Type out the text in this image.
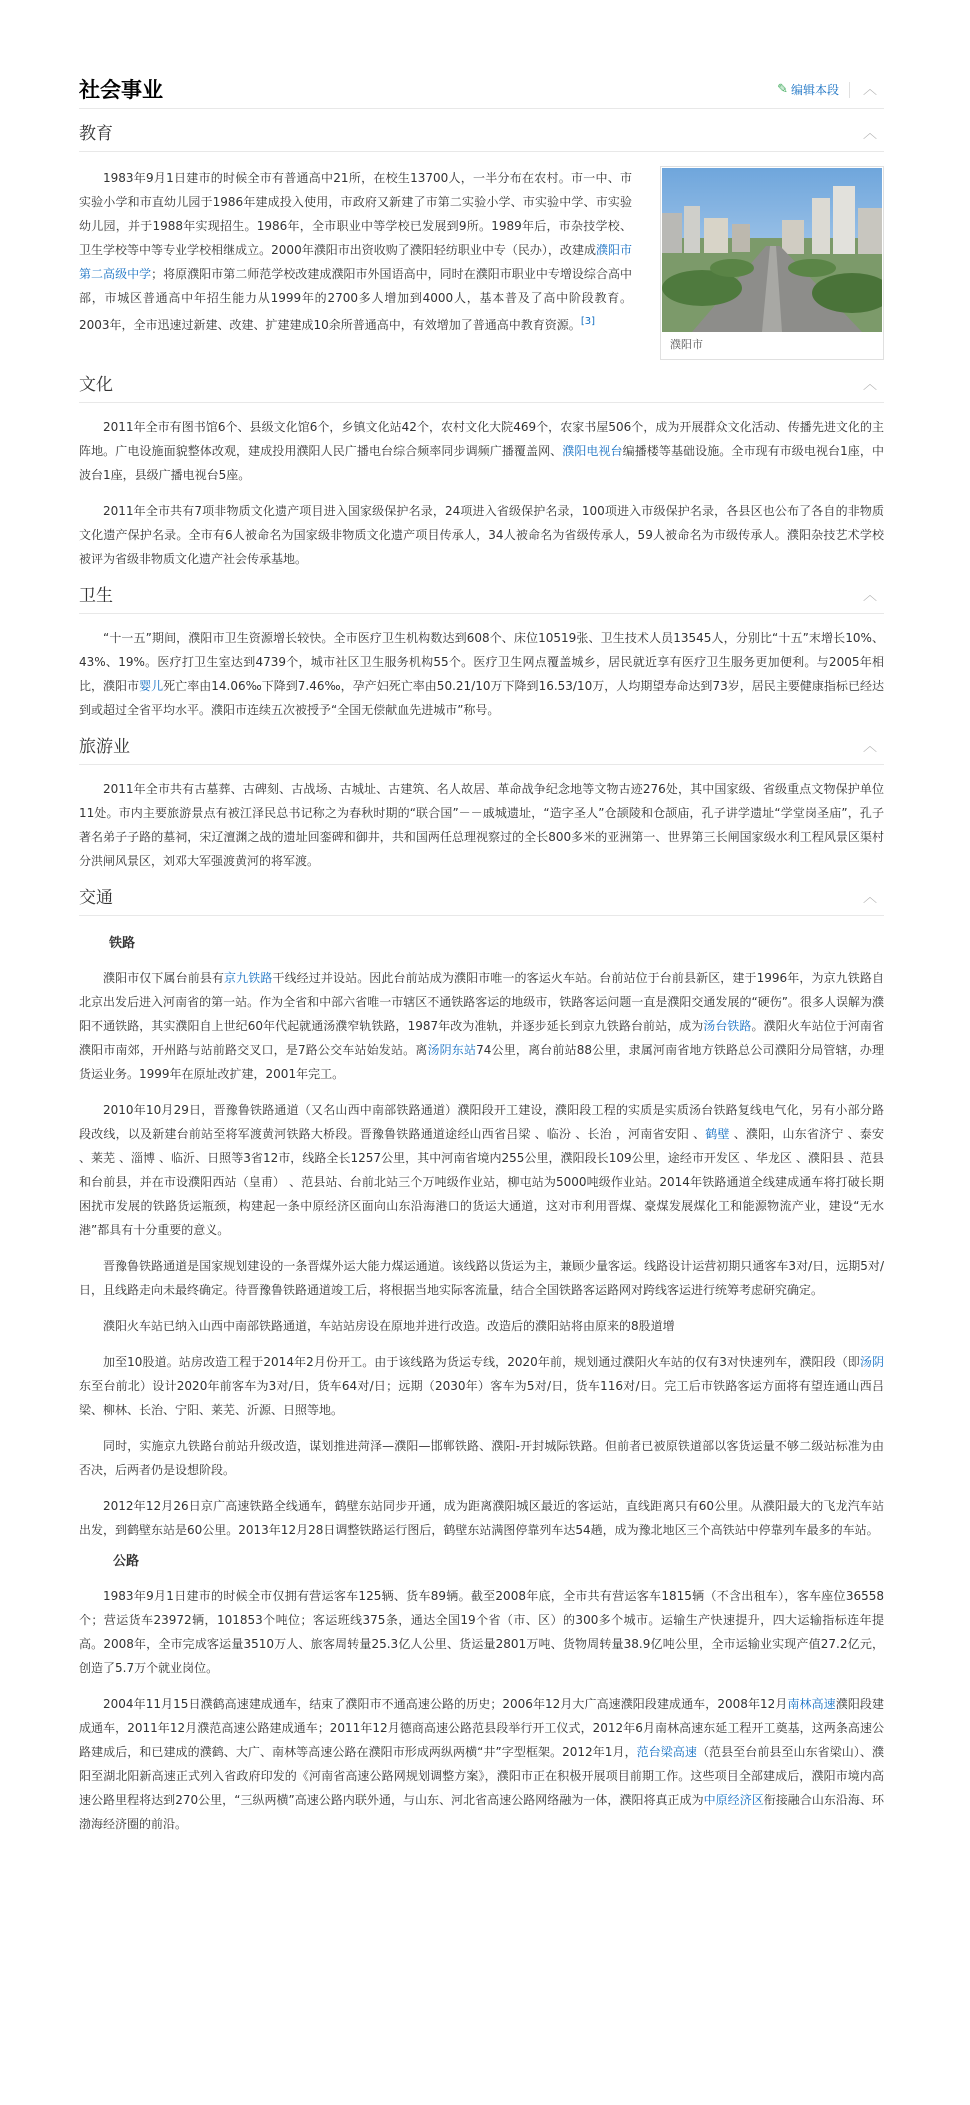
社会事业	✎ 编辑本段 ︿
教育	︿

1983年9月1日建市的时候全市有普通高中21所，在校生13700人，一半分布在农村。市一中、市实验小学和市直幼儿园于1986年建成投入使用，市政府又新建了市第二实验小学、市实验中学、市实验幼儿园，并于1988年实现招生。1986年，全市职业中等学校已发展到9所。1989年后，市杂技学校、卫生学校等中等专业学校相继成立。2000年濮阳市出资收购了濮阳轻纺职业中专（民办），改建成濮阳市第二高级中学；将原濮阳市第二师范学校改建成濮阳市外国语高中，同时在濮阳市职业中专增设综合高中部，市城区普通高中年招生能力从1999年的2700多人增加到4000人，基本普及了高中阶段教育。2003年，全市迅速过新建、改建、扩建建成10余所普通高中，有效增加了普通高中教育资源。[3]

濮阳市
文化	︿

2011年全市有图书馆6个、县级文化馆6个，乡镇文化站42个，农村文化大院469个，农家书屋506个，成为开展群众文化活动、传播先进文化的主阵地。广电设施面貌整体改观，建成投用濮阳人民广播电台综合频率同步调频广播覆盖网、濮阳电视台编播楼等基础设施。全市现有市级电视台1座，中波台1座，县级广播电视台5座。

2011年全市共有7项非物质文化遗产项目进入国家级保护名录，24项进入省级保护名录，100项进入市级保护名录，各县区也公布了各自的非物质文化遗产保护名录。全市有6人被命名为国家级非物质文化遗产项目传承人，34人被命名为省级传承人，59人被命名为市级传承人。濮阳杂技艺术学校被评为省级非物质文化遗产社会传承基地。

卫生	︿

“十一五”期间，濮阳市卫生资源增长较快。全市医疗卫生机构数达到608个、床位10519张、卫生技术人员13545人，分别比“十五”末增长10%、43%、19%。医疗打卫生室达到4739个，城市社区卫生服务机构55个。医疗卫生网点覆盖城乡，居民就近享有医疗卫生服务更加便利。与2005年相比，濮阳市婴儿死亡率由14.06‰下降到7.46‰，孕产妇死亡率由50.21/10万下降到16.53/10万，人均期望寿命达到73岁，居民主要健康指标已经达到或超过全省平均水平。濮阳市连续五次被授予“全国无偿献血先进城市”称号。

旅游业	︿

2011年全市共有古墓葬、古碑刻、古战场、古城址、古建筑、名人故居、革命战争纪念地等文物古迹276处，其中国家级、省级重点文物保护单位11处。市内主要旅游景点有被江泽民总书记称之为春秋时期的“联合国”－－戚城遗址，“造字圣人”仓颉陵和仓颉庙，孔子讲学遗址“学堂岗圣庙”，孔子著名弟子子路的墓祠，宋辽澶渊之战的遗址回銮碑和御井，共和国两任总理视察过的全长800多米的亚洲第一、世界第三长闸国家级水利工程风景区渠村分洪闸风景区，刘邓大军强渡黄河的将军渡。

交通	︿
铁路

濮阳市仅下属台前县有京九铁路干线经过并设站。因此台前站成为濮阳市唯一的客运火车站。台前站位于台前县新区，建于1996年，为京九铁路自北京出发后进入河南省的第一站。作为全省和中部六省唯一市辖区不通铁路客运的地级市，铁路客运问题一直是濮阳交通发展的“硬伤”。很多人误解为濮阳不通铁路，其实濮阳自上世纪60年代起就通汤濮窄轨铁路，1987年改为准轨，并逐步延长到京九铁路台前站，成为汤台铁路。濮阳火车站位于河南省濮阳市南郊，开州路与站前路交叉口，是7路公交车站始发站。离汤阴东站74公里，离台前站88公里，隶属河南省地方铁路总公司濮阳分局管辖，办理货运业务。1999年在原址改扩建，2001年完工。

2010年10月29日，晋豫鲁铁路通道（又名山西中南部铁路通道）濮阳段开工建设，濮阳段工程的实质是实质汤台铁路复线电气化，另有小部分路段改线，以及新建台前站至将军渡黄河铁路大桥段。晋豫鲁铁路通道途经山西省吕梁 、临汾 、长治 ，河南省安阳 、鹤壁 、濮阳，山东省济宁 、泰安 、莱芜 、淄博 、临沂、日照等3省12市，线路全长1257公里，其中河南省境内255公里，濮阳段长109公里，途经市开发区 、华龙区 、濮阳县 、范县和台前县，并在市设濮阳西站（皇甫） 、范县站、台前北站三个万吨级作业站，柳屯站为5000吨级作业站。2014年铁路通道全线建成通车将打破长期困扰市发展的铁路货运瓶颈，构建起一条中原经济区面向山东沿海港口的货运大通道，这对市利用晋煤、豪煤发展煤化工和能源物流产业，建设“无水港”都具有十分重要的意义。

晋豫鲁铁路通道是国家规划建设的一条晋煤外运大能力煤运通道。该线路以货运为主，兼顾少量客运。线路设计运营初期只通客车3对/日，远期5对/日，且线路走向未最终确定。待晋豫鲁铁路通道竣工后，将根据当地实际客流量，结合全国铁路客运路网对跨线客运进行统筹考虑研究确定。

濮阳火车站已纳入山西中南部铁路通道，车站站房设在原地并进行改造。改造后的濮阳站将由原来的8股道增

加至10股道。站房改造工程于2014年2月份开工。由于该线路为货运专线，2020年前，规划通过濮阳火车站的仅有3对快速列车，濮阳段（即汤阴东至台前北）设计2020年前客车为3对/日，货车64对/日；远期（2030年）客车为5对/日，货车116对/日。完工后市铁路客运方面将有望连通山西吕梁、柳林、长治、宁阳、莱芜、沂源、日照等地。

同时，实施京九铁路台前站升级改造，谋划推进菏泽—濮阳—邯郸铁路、濮阳-开封城际铁路。但前者已被原铁道部以客货运量不够二级站标准为由否决，后两者仍是设想阶段。

2012年12月26日京广高速铁路全线通车，鹤壁东站同步开通，成为距离濮阳城区最近的客运站，直线距离只有60公里。从濮阳最大的飞龙汽车站出发，到鹤壁东站是60公里。2013年12月28日调整铁路运行图后，鹤壁东站满图停靠列车达54趟，成为豫北地区三个高铁站中停靠列车最多的车站。

公路

1983年9月1日建市的时候全市仅拥有营运客车125辆、货车89辆。截至2008年底，全市共有营运客车1815辆（不含出租车），客车座位36558个；营运货车23972辆，101853个吨位；客运班线375条，通达全国19个省（市、区）的300多个城市。运输生产快速提升，四大运输指标连年提高。2008年，全市完成客运量3510万人、旅客周转量25.3亿人公里、货运量2801万吨、货物周转量38.9亿吨公里，全市运输业实现产值27.2亿元，创造了5.7万个就业岗位。

2004年11月15日濮鹤高速建成通车，结束了濮阳市不通高速公路的历史；2006年12月大广高速濮阳段建成通车，2008年12月南林高速濮阳段建成通车，2011年12月濮范高速公路建成通车；2011年12月德商高速公路范县段举行开工仪式，2012年6月南林高速东延工程开工奠基，这两条高速公路建成后，和已建成的濮鹤、大广、南林等高速公路在濮阳市形成两纵两横“井”字型框架。2012年1月，范台梁高速（范县至台前县至山东省梁山）、濮阳至湖北阳新高速正式列入省政府印发的《河南省高速公路网规划调整方案》，濮阳市正在积极开展项目前期工作。这些项目全部建成后，濮阳市境内高速公路里程将达到270公里，“三纵两横”高速公路内联外通，与山东、河北省高速公路网络融为一体，濮阳将真正成为中原经济区衔接融合山东沿海、环渤海经济圈的前沿。
